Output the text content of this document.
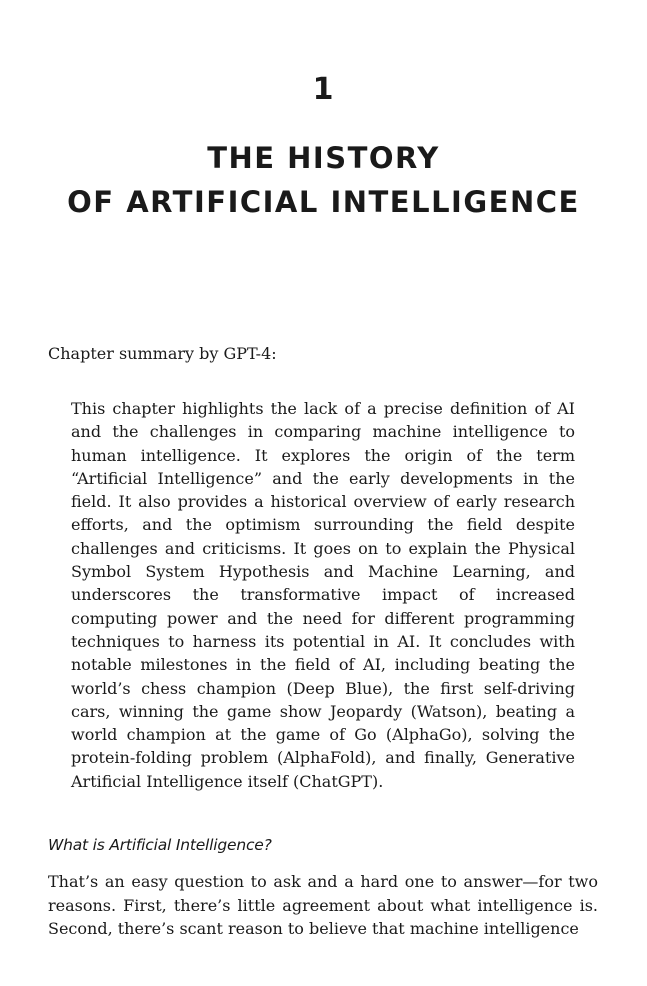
1
THE HISTORY
OF ARTIFICIAL INTELLIGENCE
Chapter summary by GPT-4:

This chapter highlights the lack of a precise definition of AI and the challenges in comparing machine intelligence to human intelligence. It explores the origin of the term “Artificial Intelligence” and the early developments in the field. It also provides a historical overview of early research efforts, and the optimism surrounding the field despite challenges and criticisms. It goes on to explain the Physical Symbol System Hypothesis and Machine Learning, and underscores the transformative impact of increased computing power and the need for different programming techniques to harness its potential in AI. It concludes with notable milestones in the field of AI, including beating the world’s chess champion (Deep Blue), the first self-driving cars, winning the game show Jeopardy (Watson), beating a world champion at the game of Go (AlphaGo), solving the protein-folding problem (AlphaFold), and finally, Generative Artificial Intelligence itself (ChatGPT).

What is Artificial Intelligence?

That’s an easy question to ask and a hard one to answer—for two reasons. First, there’s little agreement about what intelligence is. Second, there’s scant reason to believe that machine intelligence
